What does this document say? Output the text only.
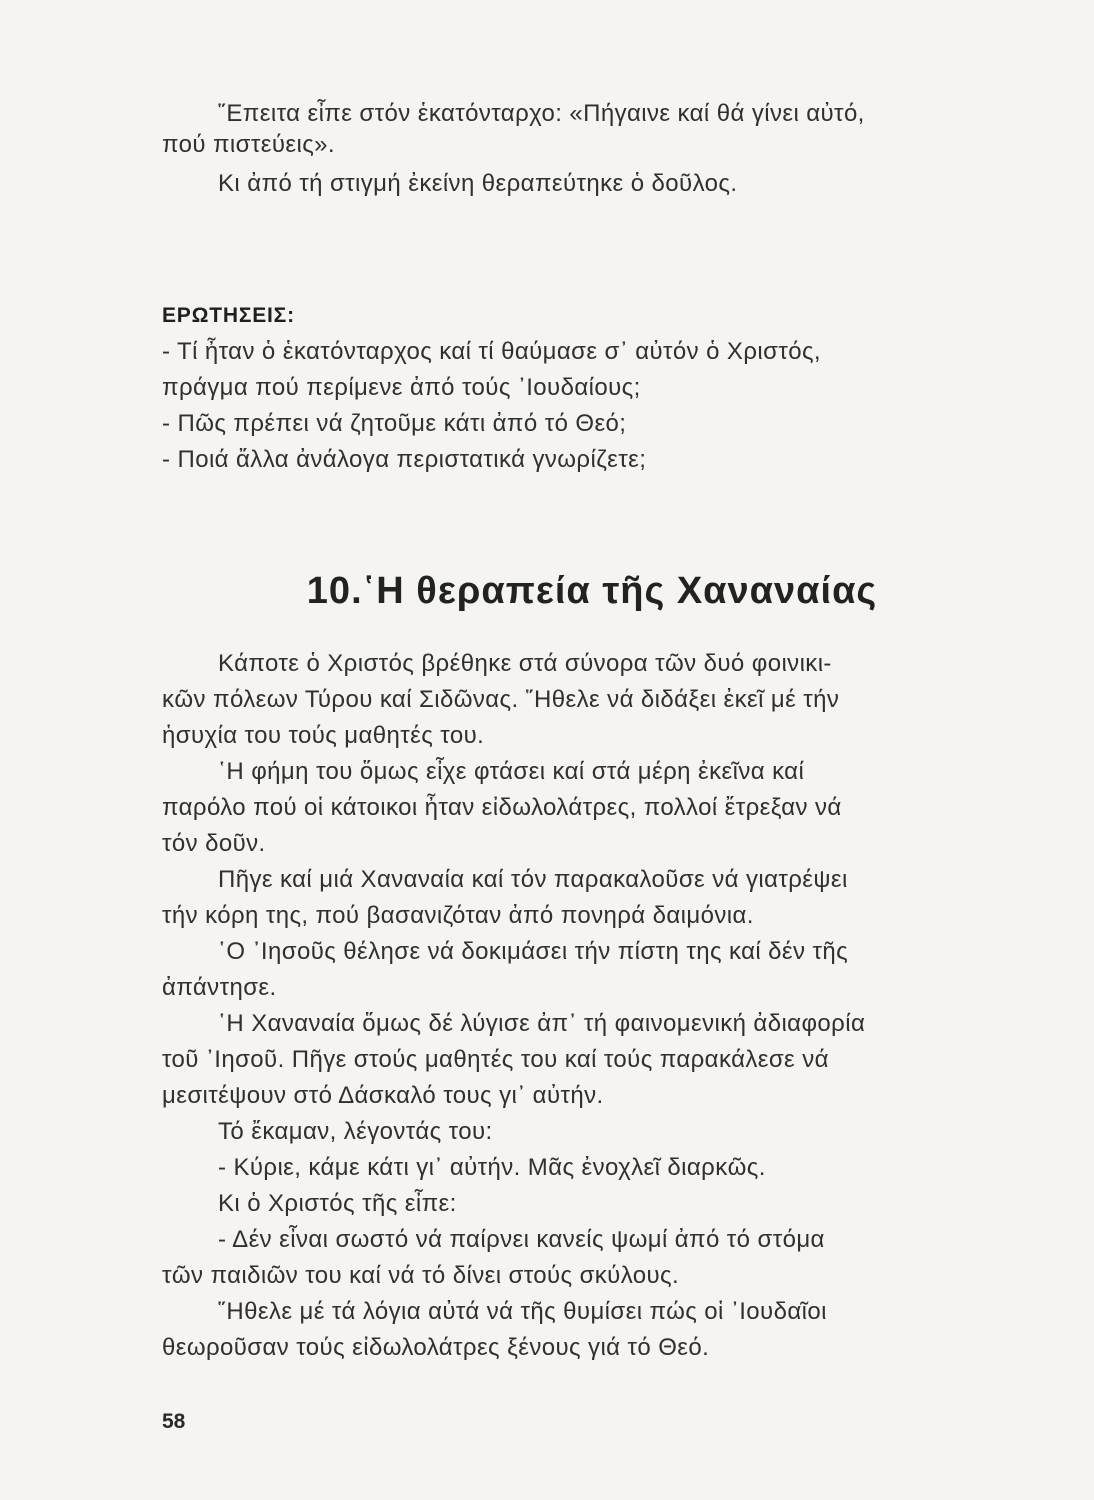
῞Επειτα εἶπε στόν ἑκατόνταρχο: «Πήγαινε καί θά γίνει αὐτό,
πού πιστεύεις».
Κι ἀπό τή στιγμή ἐκείνη θεραπεύτηκε ὁ δοῦλος.
ΕΡΩΤΗΣΕΙΣ:
- Τί ἦταν ὁ ἑκατόνταρχος καί τί θαύμασε σ᾽ αὐτόν ὁ Χριστός,
πράγμα πού περίμενε ἀπό τούς ᾽Ιουδαίους;
- Πῶς πρέπει νά ζητοῦμε κάτι ἀπό τό Θεό;
- Ποιά ἄλλα ἀνάλογα περιστατικά γνωρίζετε;
10.῾Η θεραπεία τῆς Χαναναίας
Κάποτε ὁ Χριστός βρέθηκε στά σύνορα τῶν δυό φοινικι-
κῶν πόλεων Τύρου καί Σιδῶνας. ῞Ηθελε νά διδάξει ἐκεῖ μέ τήν
ἡσυχία του τούς μαθητές του.
῾Η φήμη του ὅμως εἶχε φτάσει καί στά μέρη ἐκεῖνα καί
παρόλο πού οἱ κάτοικοι ἦταν εἰδωλολάτρες, πολλοί ἔτρεξαν νά
τόν δοῦν.
Πῆγε καί μιά Χαναναία καί τόν παρακαλοῦσε νά γιατρέψει
τήν κόρη της, πού βασανιζόταν ἀπό πονηρά δαιμόνια.
῾Ο ᾽Ιησοῦς θέλησε νά δοκιμάσει τήν πίστη της καί δέν τῆς
ἀπάντησε.
῾Η Χαναναία ὅμως δέ λύγισε ἀπ᾽ τή φαινομενική ἀδιαφορία
τοῦ ᾽Ιησοῦ. Πῆγε στούς μαθητές του καί τούς παρακάλεσε νά
μεσιτέψουν στό Δάσκαλό τους γι᾽ αὐτήν.
Τό ἔκαμαν, λέγοντάς του:
- Κύριε, κάμε κάτι γι᾽ αὐτήν. Μᾶς ἐνοχλεῖ διαρκῶς.
Κι ὁ Χριστός τῆς εἶπε:
- Δέν εἶναι σωστό νά παίρνει κανείς ψωμί ἀπό τό στόμα
τῶν παιδιῶν του καί νά τό δίνει στούς σκύλους.
῞Ηθελε μέ τά λόγια αὐτά νά τῆς θυμίσει πώς οἱ ᾽Ιουδαῖοι
θεωροῦσαν τούς εἰδωλολάτρες ξένους γιά τό Θεό.
58
